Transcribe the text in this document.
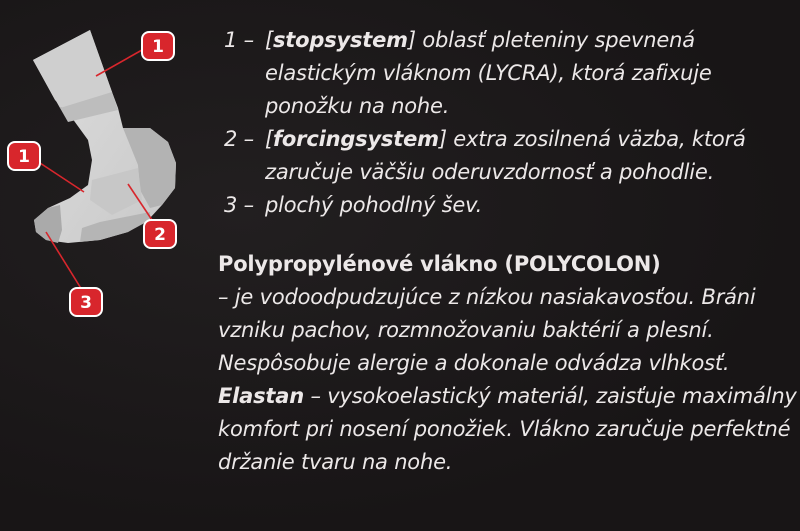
1
1
2
3
1 – [stopsystem] oblasť pleteniny spevnená elastickým vláknom (LYCRA), ktorá zafixuje ponožku na nohe.
2 – [forcingsystem] extra zosilnená väzba, ktorá zaručuje väčšiu oderuvzdornosť a pohodlie.
3 – plochý pohodlný šev.
Polypropylénové vlákno (POLYCOLON)
– je vodoodpudzujúce z nízkou nasiakavosťou. Bráni vzniku pachov, rozmnožovaniu baktérií a plesní. Nespôsobuje alergie a dokonale odvádza vlhkosť. Elastan – vysokoelastický materiál, zaisťuje maximálny komfort pri nosení ponožiek. Vlákno zaručuje perfektné držanie tvaru na nohe.
